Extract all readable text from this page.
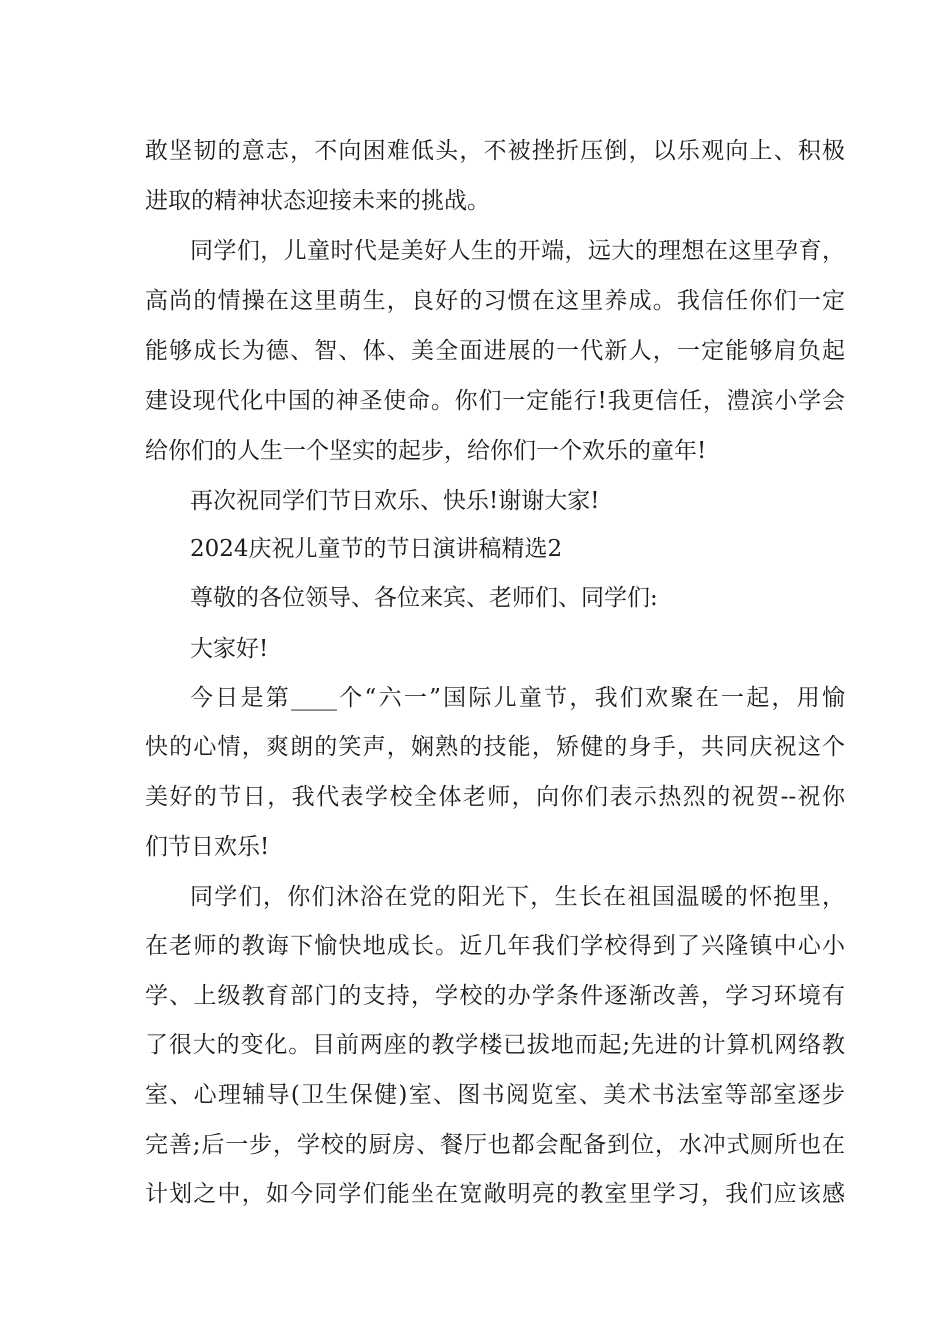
敢坚韧的意志，不向困难低头，不被挫折压倒，以乐观向上、积极
进取的精神状态迎接未来的挑战。
同学们，儿童时代是美好人生的开端，远大的理想在这里孕育，
高尚的情操在这里萌生，良好的习惯在这里养成。我信任你们一定
能够成长为德、智、体、美全面进展的一代新人，一定能够肩负起
建设现代化中国的神圣使命。你们一定能行!我更信任，澧滨小学会
给你们的人生一个坚实的起步，给你们一个欢乐的童年!
再次祝同学们节日欢乐、快乐!谢谢大家!
2024庆祝儿童节的节日演讲稿精选2
尊敬的各位领导、各位来宾、老师们、同学们:
大家好!
今日是第____个“六一”国际儿童节，我们欢聚在一起，用愉
快的心情，爽朗的笑声，娴熟的技能，矫健的身手，共同庆祝这个
美好的节日，我代表学校全体老师，向你们表示热烈的祝贺--祝你
们节日欢乐!
同学们，你们沐浴在党的阳光下，生长在祖国温暖的怀抱里，
在老师的教诲下愉快地成长。近几年我们学校得到了兴隆镇中心小
学、上级教育部门的支持，学校的办学条件逐渐改善，学习环境有
了很大的变化。目前两座的教学楼已拔地而起;先进的计算机网络教
室、心理辅导(卫生保健)室、图书阅览室、美术书法室等部室逐步
完善;后一步，学校的厨房、餐厅也都会配备到位，水冲式厕所也在
计划之中，如今同学们能坐在宽敞明亮的教室里学习，我们应该感
